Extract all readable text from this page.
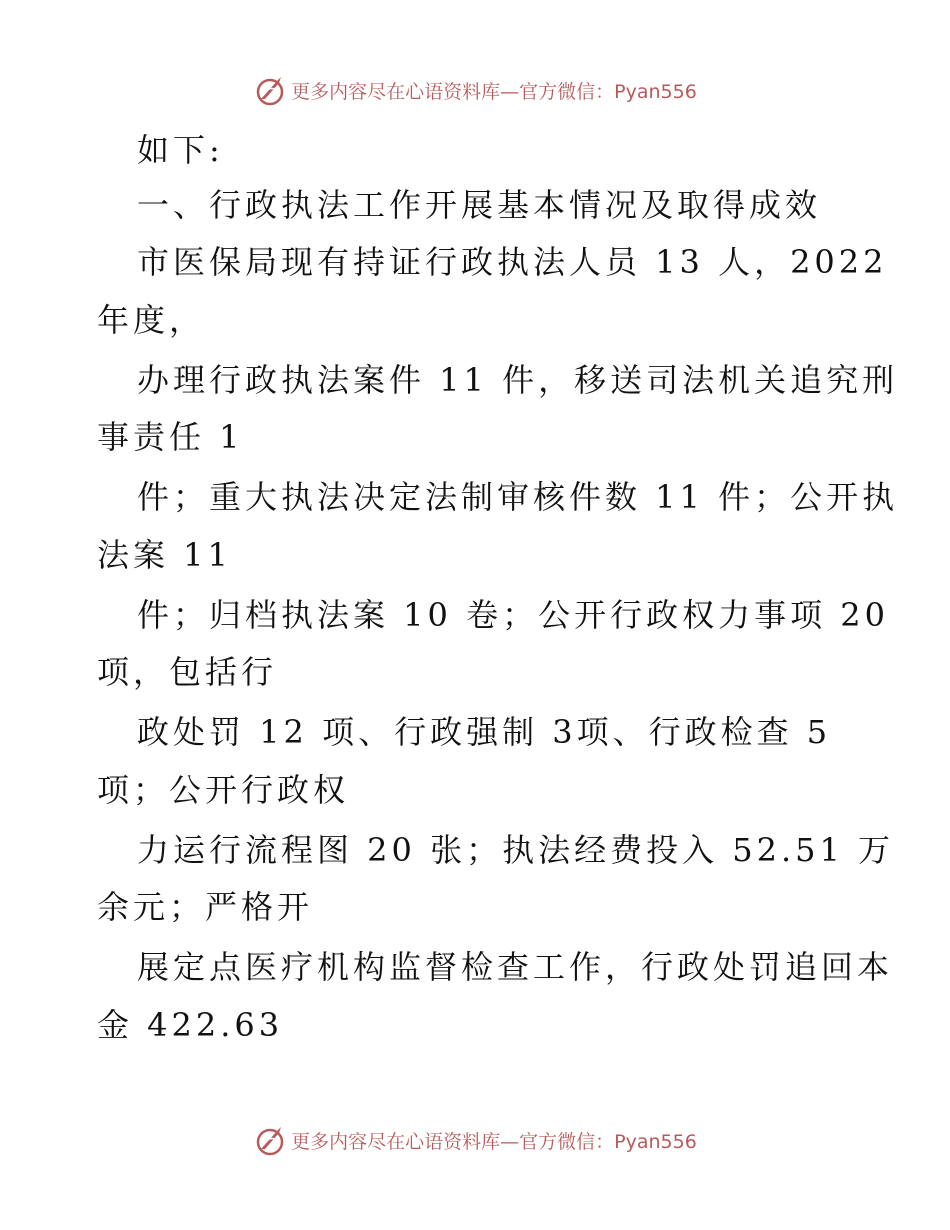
更多内容尽在心语资料库—官方微信：Pyan556
如下:
一、行政执法工作开展基本情况及取得成效
市医保局现有持证行政执法人员 13 人，2022
年度，
办理行政执法案件 11 件，移送司法机关追究刑
事责任 1
件；重大执法决定法制审核件数 11 件；公开执
法案 11
件；归档执法案 10 卷；公开行政权力事项 20
项，包括行
政处罚 12 项、行政强制 3项、行政检查 5
项；公开行政权
力运行流程图 20 张；执法经费投入 52.51 万
余元；严格开
展定点医疗机构监督检查工作，行政处罚追回本
金 422.63
更多内容尽在心语资料库—官方微信：Pyan556
